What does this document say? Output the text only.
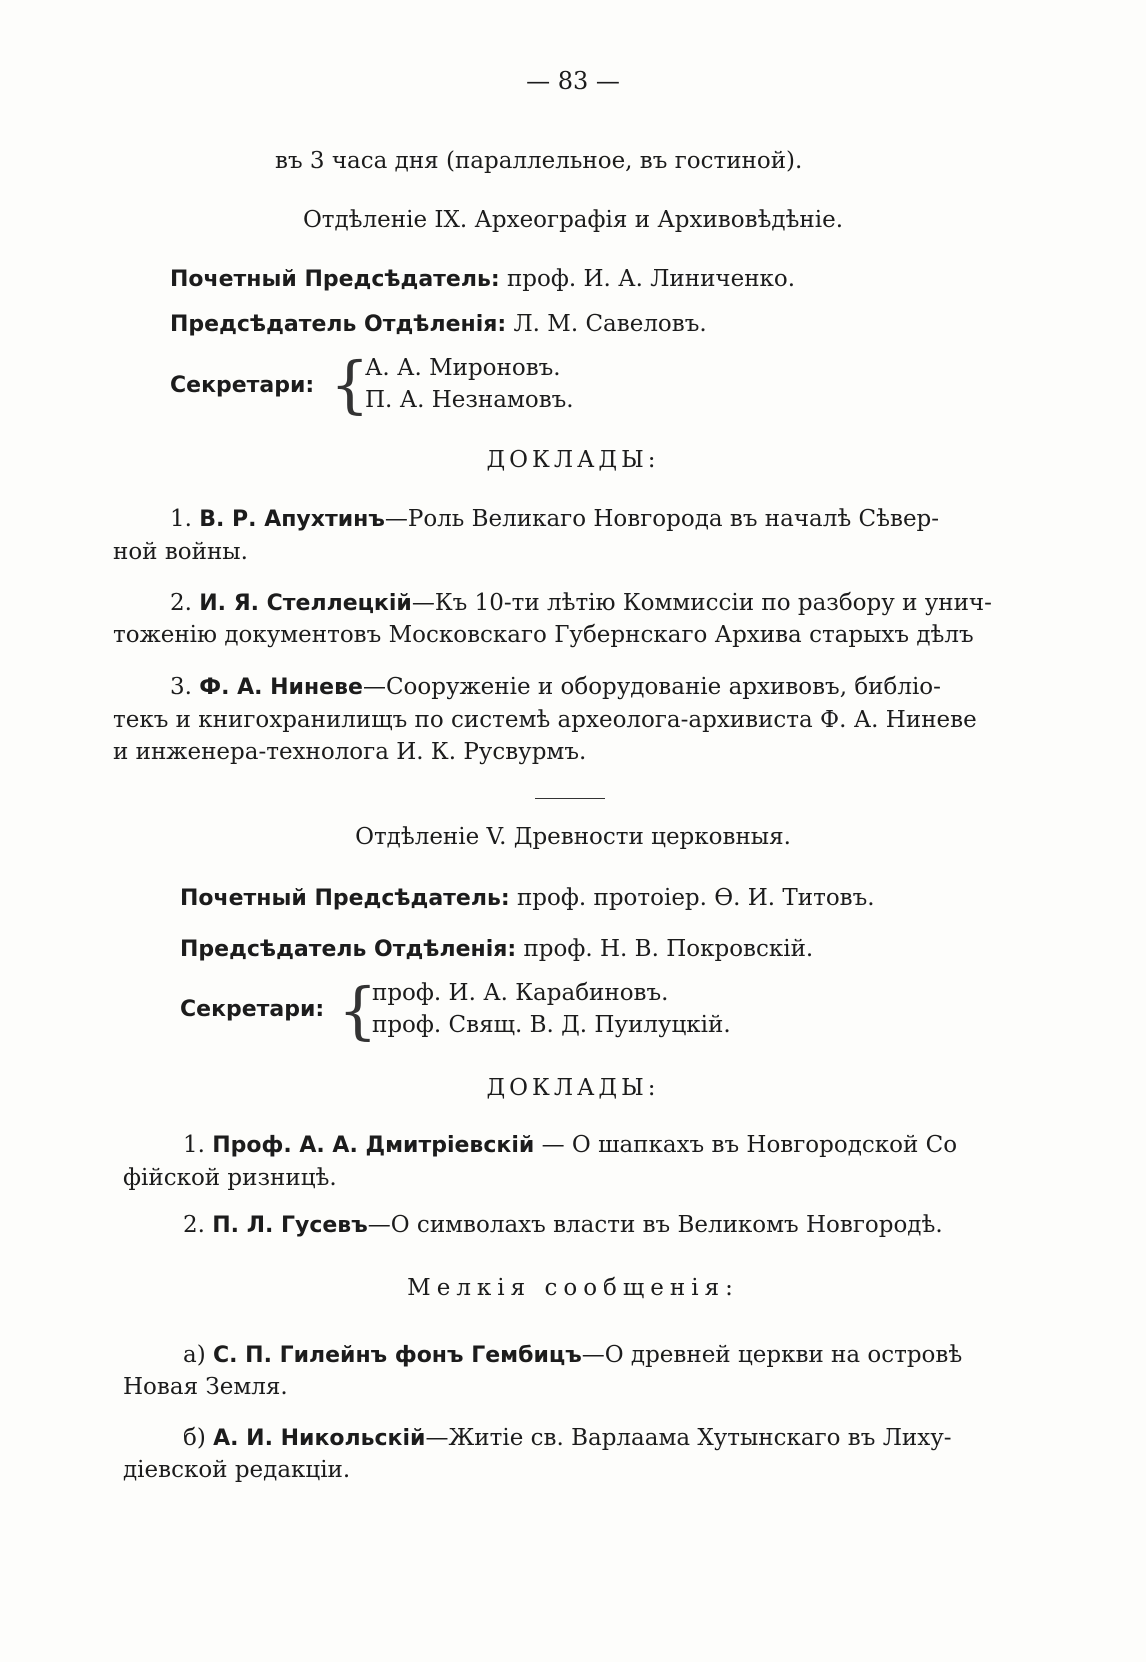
— 83 —
въ 3 часа дня (параллельное, въ гостиной).
Отдѣленіе IX. Археографія и Архивовѣдѣніе.
Почетный Предсѣдатель: проф. И. А. Линиченко.
Предсѣдатель Отдѣленія: Л. М. Савеловъ.
Секретари: {
А. А. Мироновъ.
П. А. Незнамовъ.
ДОКЛАДЫ:
1. В. Р. Апухтинъ—Роль Великаго Новгорода въ началѣ Сѣвер-
ной войны.
2. И. Я. Стеллецкій—Къ 10-ти лѣтію Коммиссіи по разбору и унич-
тоженію документовъ Московскаго Губернскаго Архива старыхъ дѣлъ
3. Ф. А. Ниневе—Сооруженіе и оборудованіе архивовъ, библіо-
текъ и книгохранилищъ по системѣ археолога-архивиста Ф. А. Ниневе
и инженера-технолога И. К. Русвурмъ.
Отдѣленіе V. Древности церковныя.
Почетный Предсѣдатель: проф. протоіер. Ѳ. И. Титовъ.
Предсѣдатель Отдѣленія: проф. Н. В. Покровскій.
Секретари: {
проф. И. А. Карабиновъ.
проф. Свящ. В. Д. Пуилуцкій.
ДОКЛАДЫ:
1. Проф. А. А. Дмитріевскій — О шапкахъ въ Новгородской Со
фійской ризницѣ.
2. П. Л. Гусевъ—О символахъ власти въ Великомъ Новгородѣ.
Мелкія сообщенія:
а) С. П. Гилейнъ фонъ Гембицъ—О древней церкви на островѣ
Новая Земля.
б) А. И. Никольскій—Житіе св. Варлаама Хутынскаго въ Лиху-
діевской редакціи.
